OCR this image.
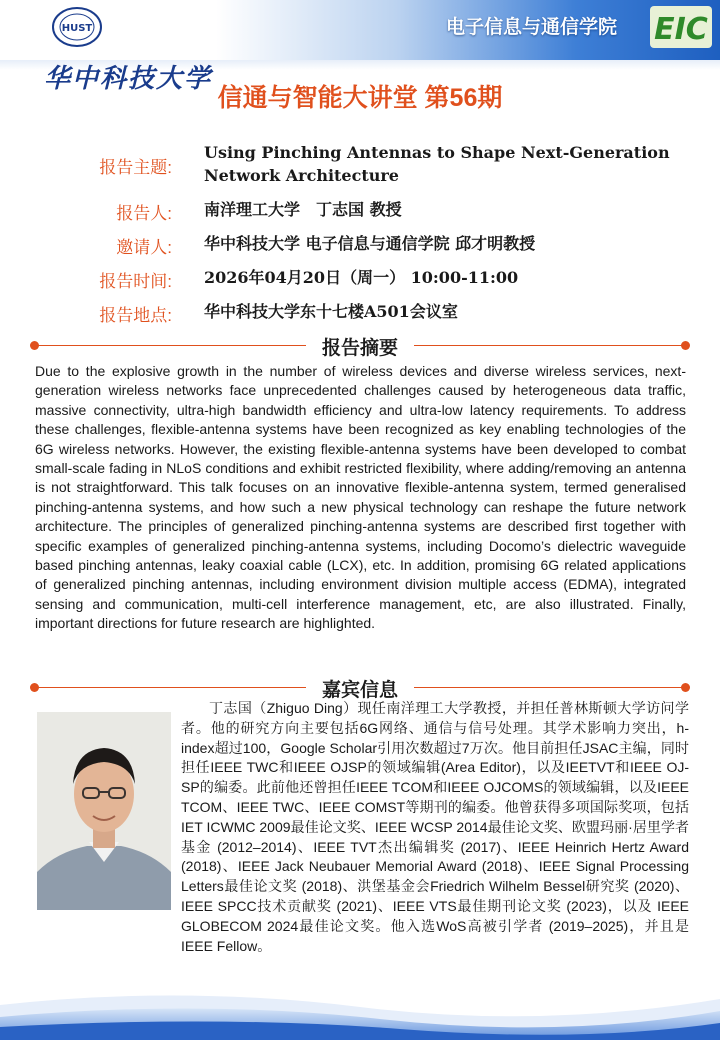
HUST
华中科技大学
电子信息与通信学院 EIC
信通与智能大讲堂 第56期
报告主题:
Using Pinching Antennas to Shape Next-Generation Network Architecture
报告人: 南洋理工大学　丁志国 教授
邀请人: 华中科技大学 电子信息与通信学院 邱才明教授
报告时间: 2026年04月20日（周一） 10:00-11:00
报告地点: 华中科技大学东十七楼A501会议室
报告摘要
Due to the explosive growth in the number of wireless devices and diverse wireless services, next-generation wireless networks face unprecedented challenges caused by heterogeneous data traffic, massive connectivity, ultra-high bandwidth efficiency and ultra-low latency requirements. To address these challenges, flexible-antenna systems have been recognized as key enabling technologies of the 6G wireless networks. However, the existing flexible-antenna systems have been developed to combat small-scale fading in NLoS conditions and exhibit restricted flexibility, where adding/removing an antenna is not straightforward. This talk focuses on an innovative flexible-antenna system, termed generalised pinching-antenna systems, and how such a new physical technology can reshape the future network architecture. The principles of generalized pinching-antenna systems are described first together with specific examples of generalized pinching-antenna systems, including Docomo’s dielectric waveguide based pinching antennas, leaky coaxial cable (LCX), etc. In addition, promising 6G related applications of generalized pinching antennas, including environment division multiple access (EDMA), integrated sensing and communication, multi-cell interference management, etc, are also illustrated. Finally, important directions for future research are highlighted.
嘉宾信息
丁志国（Zhiguo Ding）现任南洋理工大学教授，并担任普林斯顿大学访问学者。他的研究方向主要包括6G网络、通信与信号处理。其学术影响力突出，h-index超过100，Google Scholar引用次数超过7万次。他目前担任JSAC主编，同时担任IEEE TWC和IEEE OJSP的领域编辑(Area Editor)，以及IEETVT和IEEE OJ-SP的编委。此前他还曾担任IEEE TCOM和IEEE OJCOMS的领域编辑，以及IEEE TCOM、IEEE TWC、IEEE COMST等期刊的编委。他曾获得多项国际奖项，包括 IET ICWMC 2009最佳论文奖、IEEE WCSP 2014最佳论文奖、欧盟玛丽·居里学者基金 (2012–2014)、IEEE TVT杰出编辑奖 (2017)、IEEE Heinrich Hertz Award (2018)、IEEE Jack Neubauer Memorial Award (2018)、IEEE Signal Processing Letters最佳论文奖 (2018)、洪堡基金会Friedrich Wilhelm Bessel研究奖 (2020)、IEEE SPCC技术贡献奖 (2021)、IEEE VTS最佳期刊论文奖 (2023)，以及 IEEE GLOBECOM 2024最佳论文奖。他入选WoS高被引学者 (2019–2025)，并且是IEEE Fellow。
